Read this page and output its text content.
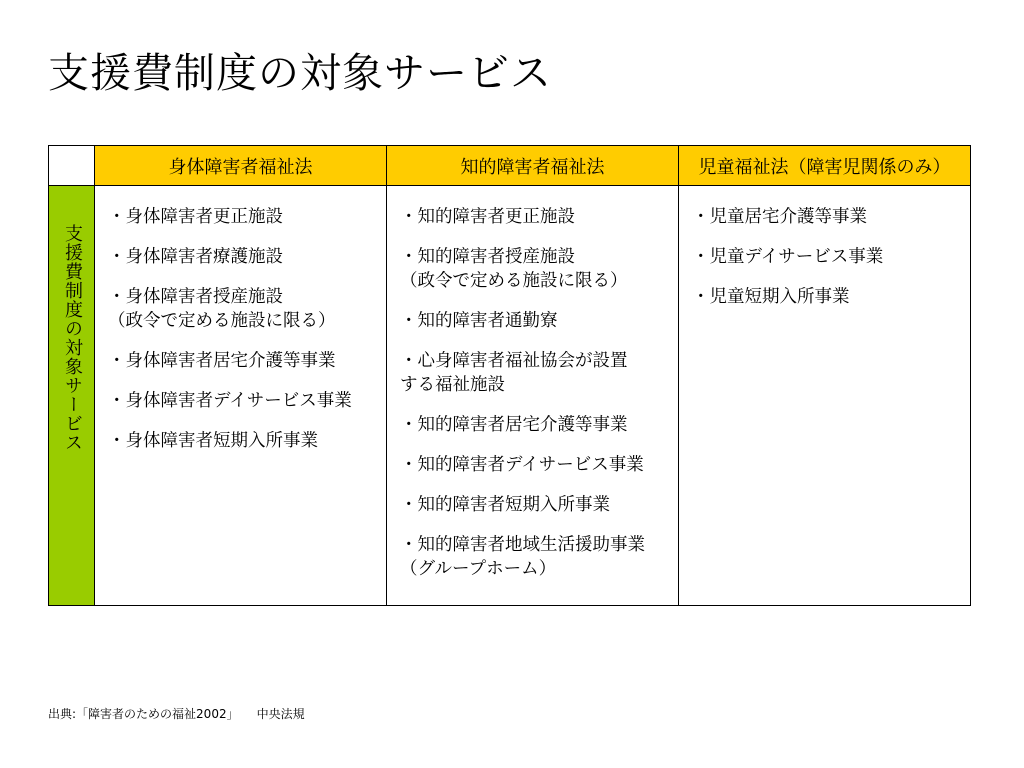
支援費制度の対象サービス
身体障害者福祉法	知的障害者福祉法	児童福祉法（障害児関係のみ）
支援費制度の対象サービス
・身体障害者更正施設
・身体障害者療護施設
・身体障害者授産施設
（政令で定める施設に限る）
・身体障害者居宅介護等事業
・身体障害者デイサービス事業
・身体障害者短期入所事業
・知的障害者更正施設
・知的障害者授産施設
（政令で定める施設に限る）
・知的障害者通勤寮
・心身障害者福祉協会が設置
する福祉施設
・知的障害者居宅介護等事業
・知的障害者デイサービス事業
・知的障害者短期入所事業
・知的障害者地域生活援助事業
（グループホーム）
・児童居宅介護等事業
・児童デイサービス事業
・児童短期入所事業
出典:「障害者のための福祉2002」 中央法規
